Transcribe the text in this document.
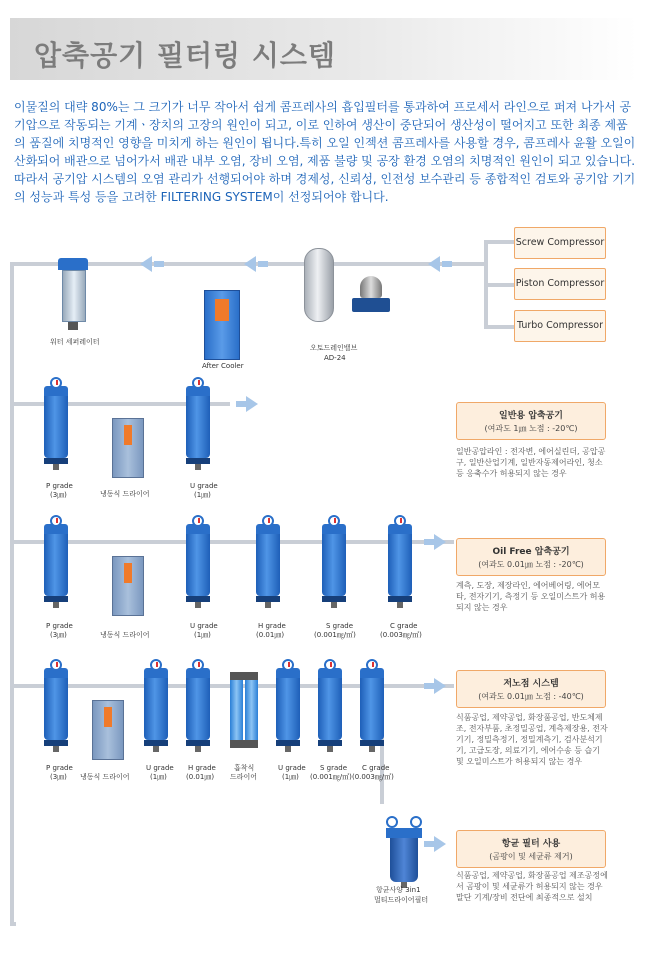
압축공기 필터링 시스템
이물질의 대략 80%는 그 크기가 너무 작아서 쉽게 콤프레사의 흡입필터를 통과하여 프로세서 라인으로 퍼져 나가서 공기압으로 작동되는 기계ㆍ장치의 고장의 원인이 되고, 이로 인하여 생산이 중단되어 생산성이 떨어지고 또한 최종 제품의 품질에 치명적인 영향을 미치게 하는 원인이 됩니다.특히 오일 인젝션 콤프레사를 사용할 경우, 콤프레사 윤활 오일이 산화되어 배관으로 넘어가서 배관 내부 오염, 장비 오염, 제품 불량 및 공장 환경 오염의 치명적인 원인이 되고 있습니다. 따라서 공기압 시스템의 오염 관리가 선행되어야 하며 경제성, 신뢰성, 인전성 보수관리 등 종합적인 검토와 공기압 기기의 성능과 특성 등을 고려한 FILTERING SYSTEM이 선정되어야 합니다.
Screw Compressor
Piston Compressor
Turbo Compressor
워터 세퍼레이터
After Cooler
오토드레인밸브
AD-24
P grade
(3㎛)	냉동식 드라이어
U grade
(1㎛)
P grade
(3㎛)	냉동식 드라이어
U grade
(1㎛)
H grade
(0.01㎛)
S grade
(0.001㎎/㎥)
C grade
(0.003㎎/㎥)
P grade
(3㎛) 냉동식 드라이어
U grade
(1㎛)
H grade
(0.01㎛)
흡착식
드라이어
U grade
(1㎛)
S grade
(0.001㎎/㎥)
C grade
(0.003㎎/㎥)
항균사양 3in1
멀티드라이어필터
일반용 압축공기
(여과도 1㎛ 노점 : -20℃)
일반공압라인 : 전자변, 에어실린더, 공압공구, 일반산업기계, 일반자동제어라인, 청소 등 응축수가 허용되지 않는 경우
Oil Free 압축공기
(여과도 0.01㎛ 노점 : -20℃)
계측, 도장, 제장라인, 에어베어링, 에어모타, 전자기기, 측정기 등 오일미스트가 허용되지 않는 경우
저노점 시스템
(여과도 0.01㎛ 노점 : -40℃)
식품공업, 제약공업, 화장품공업, 반도체제조, 전자부품, 초정밀공업, 계측제장용, 전자기기, 정밀측정기, 정밀계측기, 검사분석기기, 고급도장, 의료기기, 에어수송 등 습기 및 오일미스트가 허용되지 않는 경우
항균 필터 사용
(곰팡이 및 세균류 제거)
식품공업, 제약공업, 화장품공업 제조공정에서 곰팡이 및 세균류가 허용되지 않는 경우 말단 기계/장비 전단에 최종적으로 설치
